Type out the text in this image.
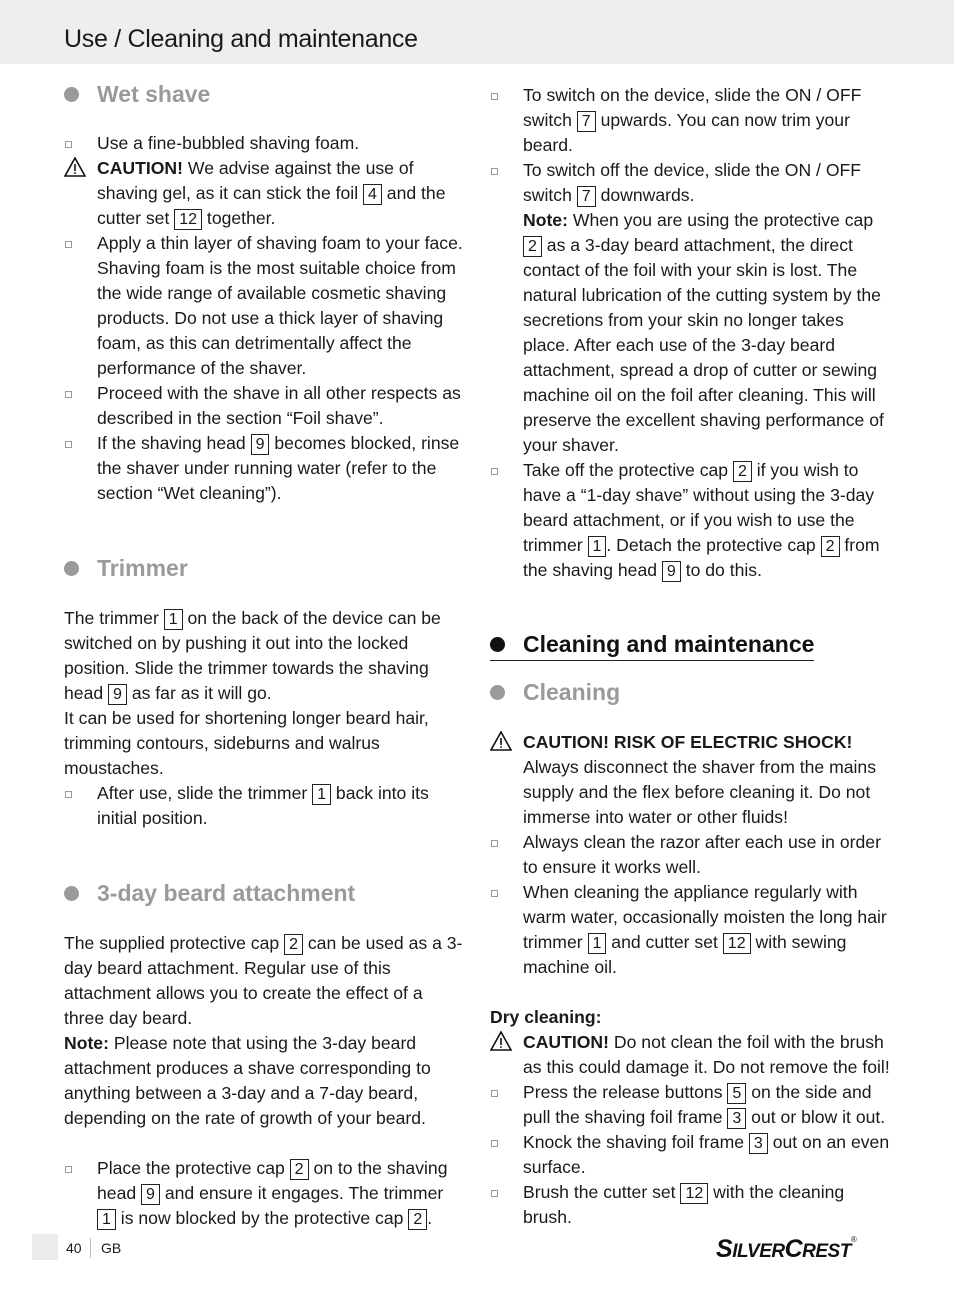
Use / Cleaning and maintenance
Wet shave
Use a fine-bubbled shaving foam.
CAUTION! We advise against the use of shaving gel, as it can stick the foil 4 and the cutter set 12 together.
Apply a thin layer of shaving foam to your face. Shaving foam is the most suitable choice from the wide range of available cosmetic shaving products. Do not use a thick layer of shaving foam, as this can detrimentally affect the performance of the shaver.
Proceed with the shave in all other respects as described in the section “Foil shave”.
If the shaving head 9 becomes blocked, rinse the shaver under running water (refer to the section “Wet cleaning”).
Trimmer

The trimmer 1 on the back of the device can be switched on by pushing it out into the locked position. Slide the trimmer towards the shaving head 9 as far as it will go.

It can be used for shortening longer beard hair, trimming contours, sideburns and walrus moustaches.

After use, slide the trimmer 1 back into its initial position.
3-day beard attachment

The supplied protective cap 2 can be used as a 3-day beard attachment. Regular use of this attachment allows you to create the effect of a three day beard.

Note: Please note that using the 3-day beard attachment produces a shave corresponding to anything between a 3-day and a 7-day beard, depending on the rate of growth of your beard.

Place the protective cap 2 on to the shaving head 9 and ensure it engages. The trimmer 1 is now blocked by the protective cap 2 .
To switch on the device, slide the ON / OFF switch 7 upwards. You can now trim your beard.
To switch off the device, slide the ON / OFF switch 7 downwards.
Note: When you are using the protective cap 2 as a 3-day beard attachment, the direct contact of the foil with your skin is lost. The natural lubrication of the cutting system by the secretions from your skin no longer takes place. After each use of the 3-day beard attachment, spread a drop of cutter or sewing machine oil on the foil after cleaning. This will preserve the excellent shaving performance of your shaver.
Take off the protective cap 2 if you wish to have a “1-day shave” without using the 3-day beard attachment, or if you wish to use the trimmer 1 . Detach the protective cap 2 from the shaving head 9 to do this.
Cleaning and maintenance
Cleaning
CAUTION! RISK OF ELECTRIC SHOCK!
Always disconnect the shaver from the mains supply and the flex before cleaning it. Do not immerse into water or other fluids!
Always clean the razor after each use in order to ensure it works well.
When cleaning the appliance regularly with warm water, occasionally moisten the long hair trimmer 1 and cutter set 12 with sewing machine oil.

Dry cleaning:

CAUTION! Do not clean the foil with the brush as this could damage it. Do not remove the foil!
Press the release buttons 5 on the side and pull the shaving foil frame 3 out or blow it out.
Knock the shaving foil frame 3 out on an even surface.
Brush the cutter set 12 with the cleaning brush.
40 GB	SILVERCREST®
